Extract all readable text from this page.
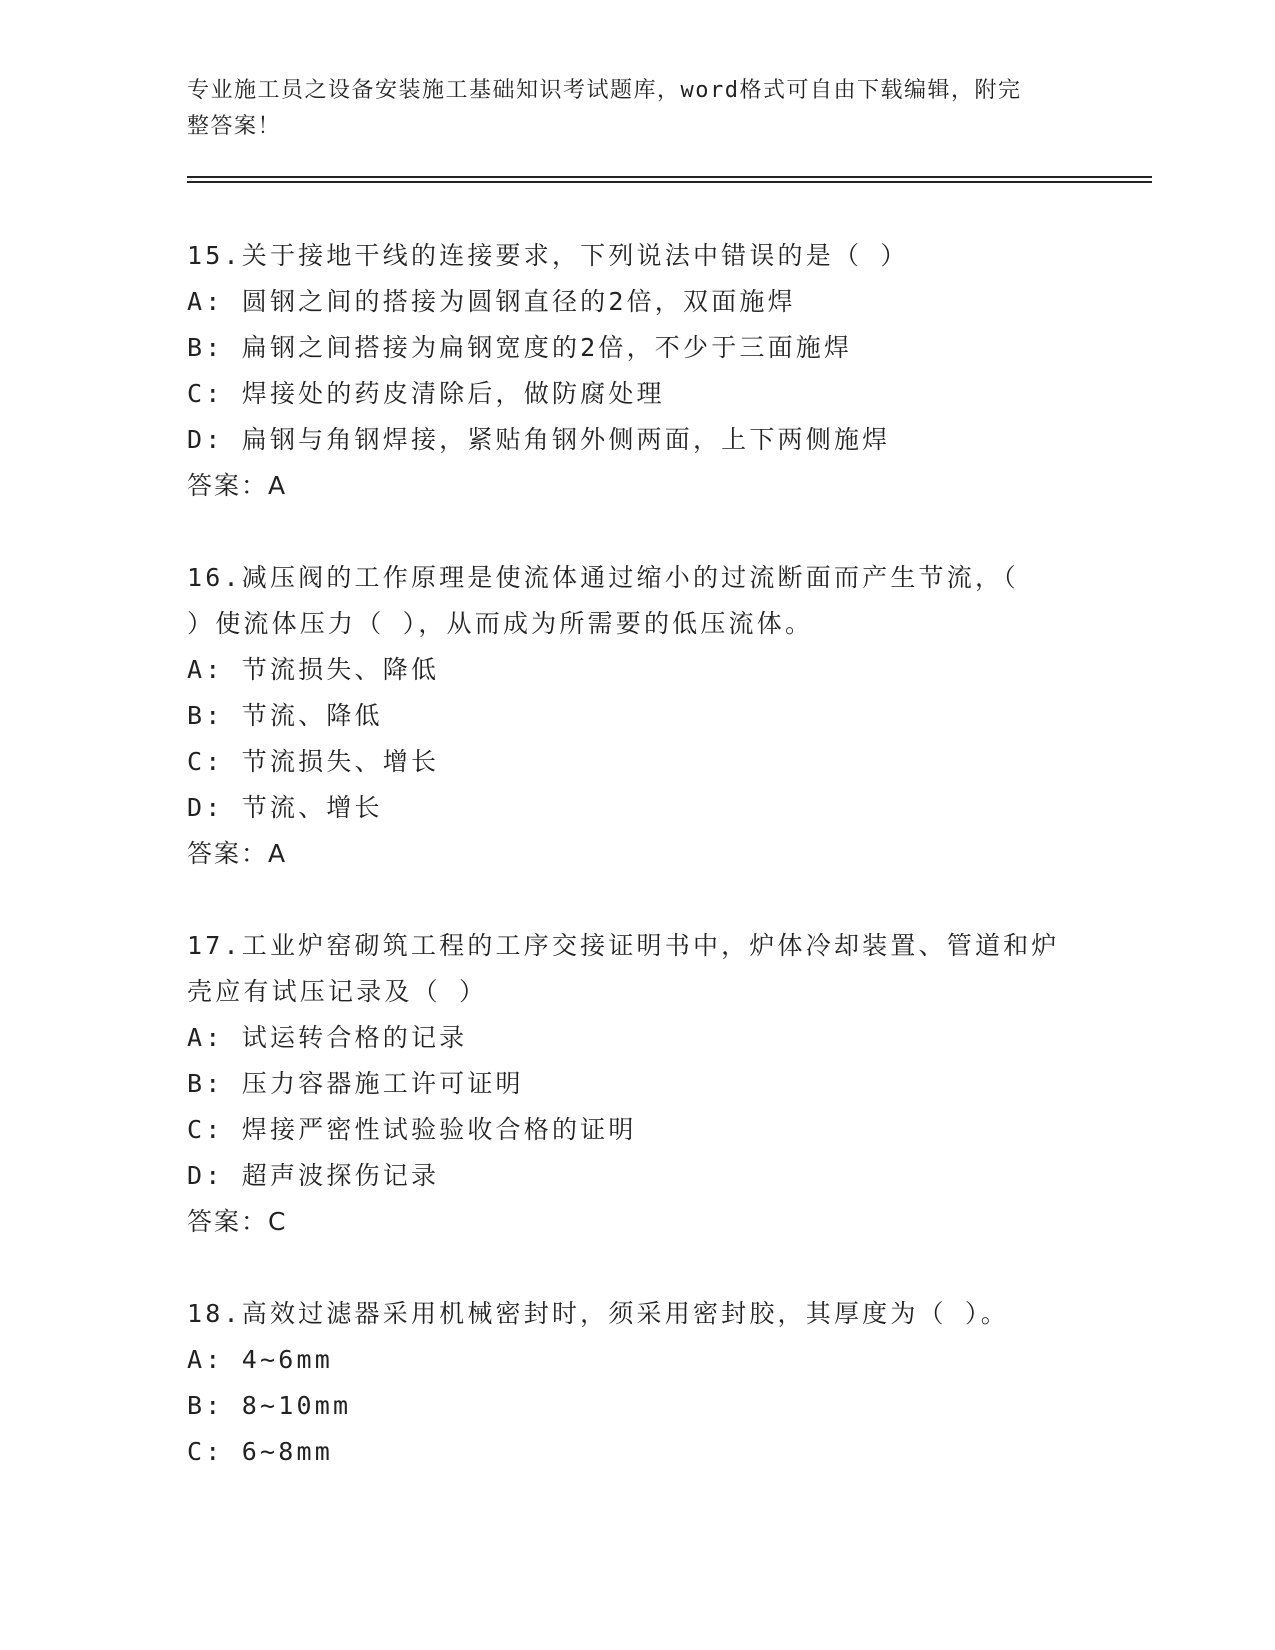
专业施工员之设备安装施工基础知识考试题库，word格式可自由下载编辑，附完
整答案！
15.关于接地干线的连接要求，下列说法中错误的是（ ）
A: 圆钢之间的搭接为圆钢直径的2倍，双面施焊
B: 扁钢之间搭接为扁钢宽度的2倍，不少于三面施焊
C: 焊接处的药皮清除后，做防腐处理
D: 扁钢与角钢焊接，紧贴角钢外侧两面，上下两侧施焊
答案：A
16.减压阀的工作原理是使流体通过缩小的过流断面而产生节流，（
）使流体压力（ ），从而成为所需要的低压流体。
A: 节流损失、降低
B: 节流、降低
C: 节流损失、增长
D: 节流、增长
答案：A
17.工业炉窑砌筑工程的工序交接证明书中，炉体冷却装置、管道和炉
壳应有试压记录及（ ）
A: 试运转合格的记录
B: 压力容器施工许可证明
C: 焊接严密性试验验收合格的证明
D: 超声波探伤记录
答案：C
18.高效过滤器采用机械密封时，须采用密封胶，其厚度为（ ）。
A: 4~6mm
B: 8~10mm
C: 6~8mm
